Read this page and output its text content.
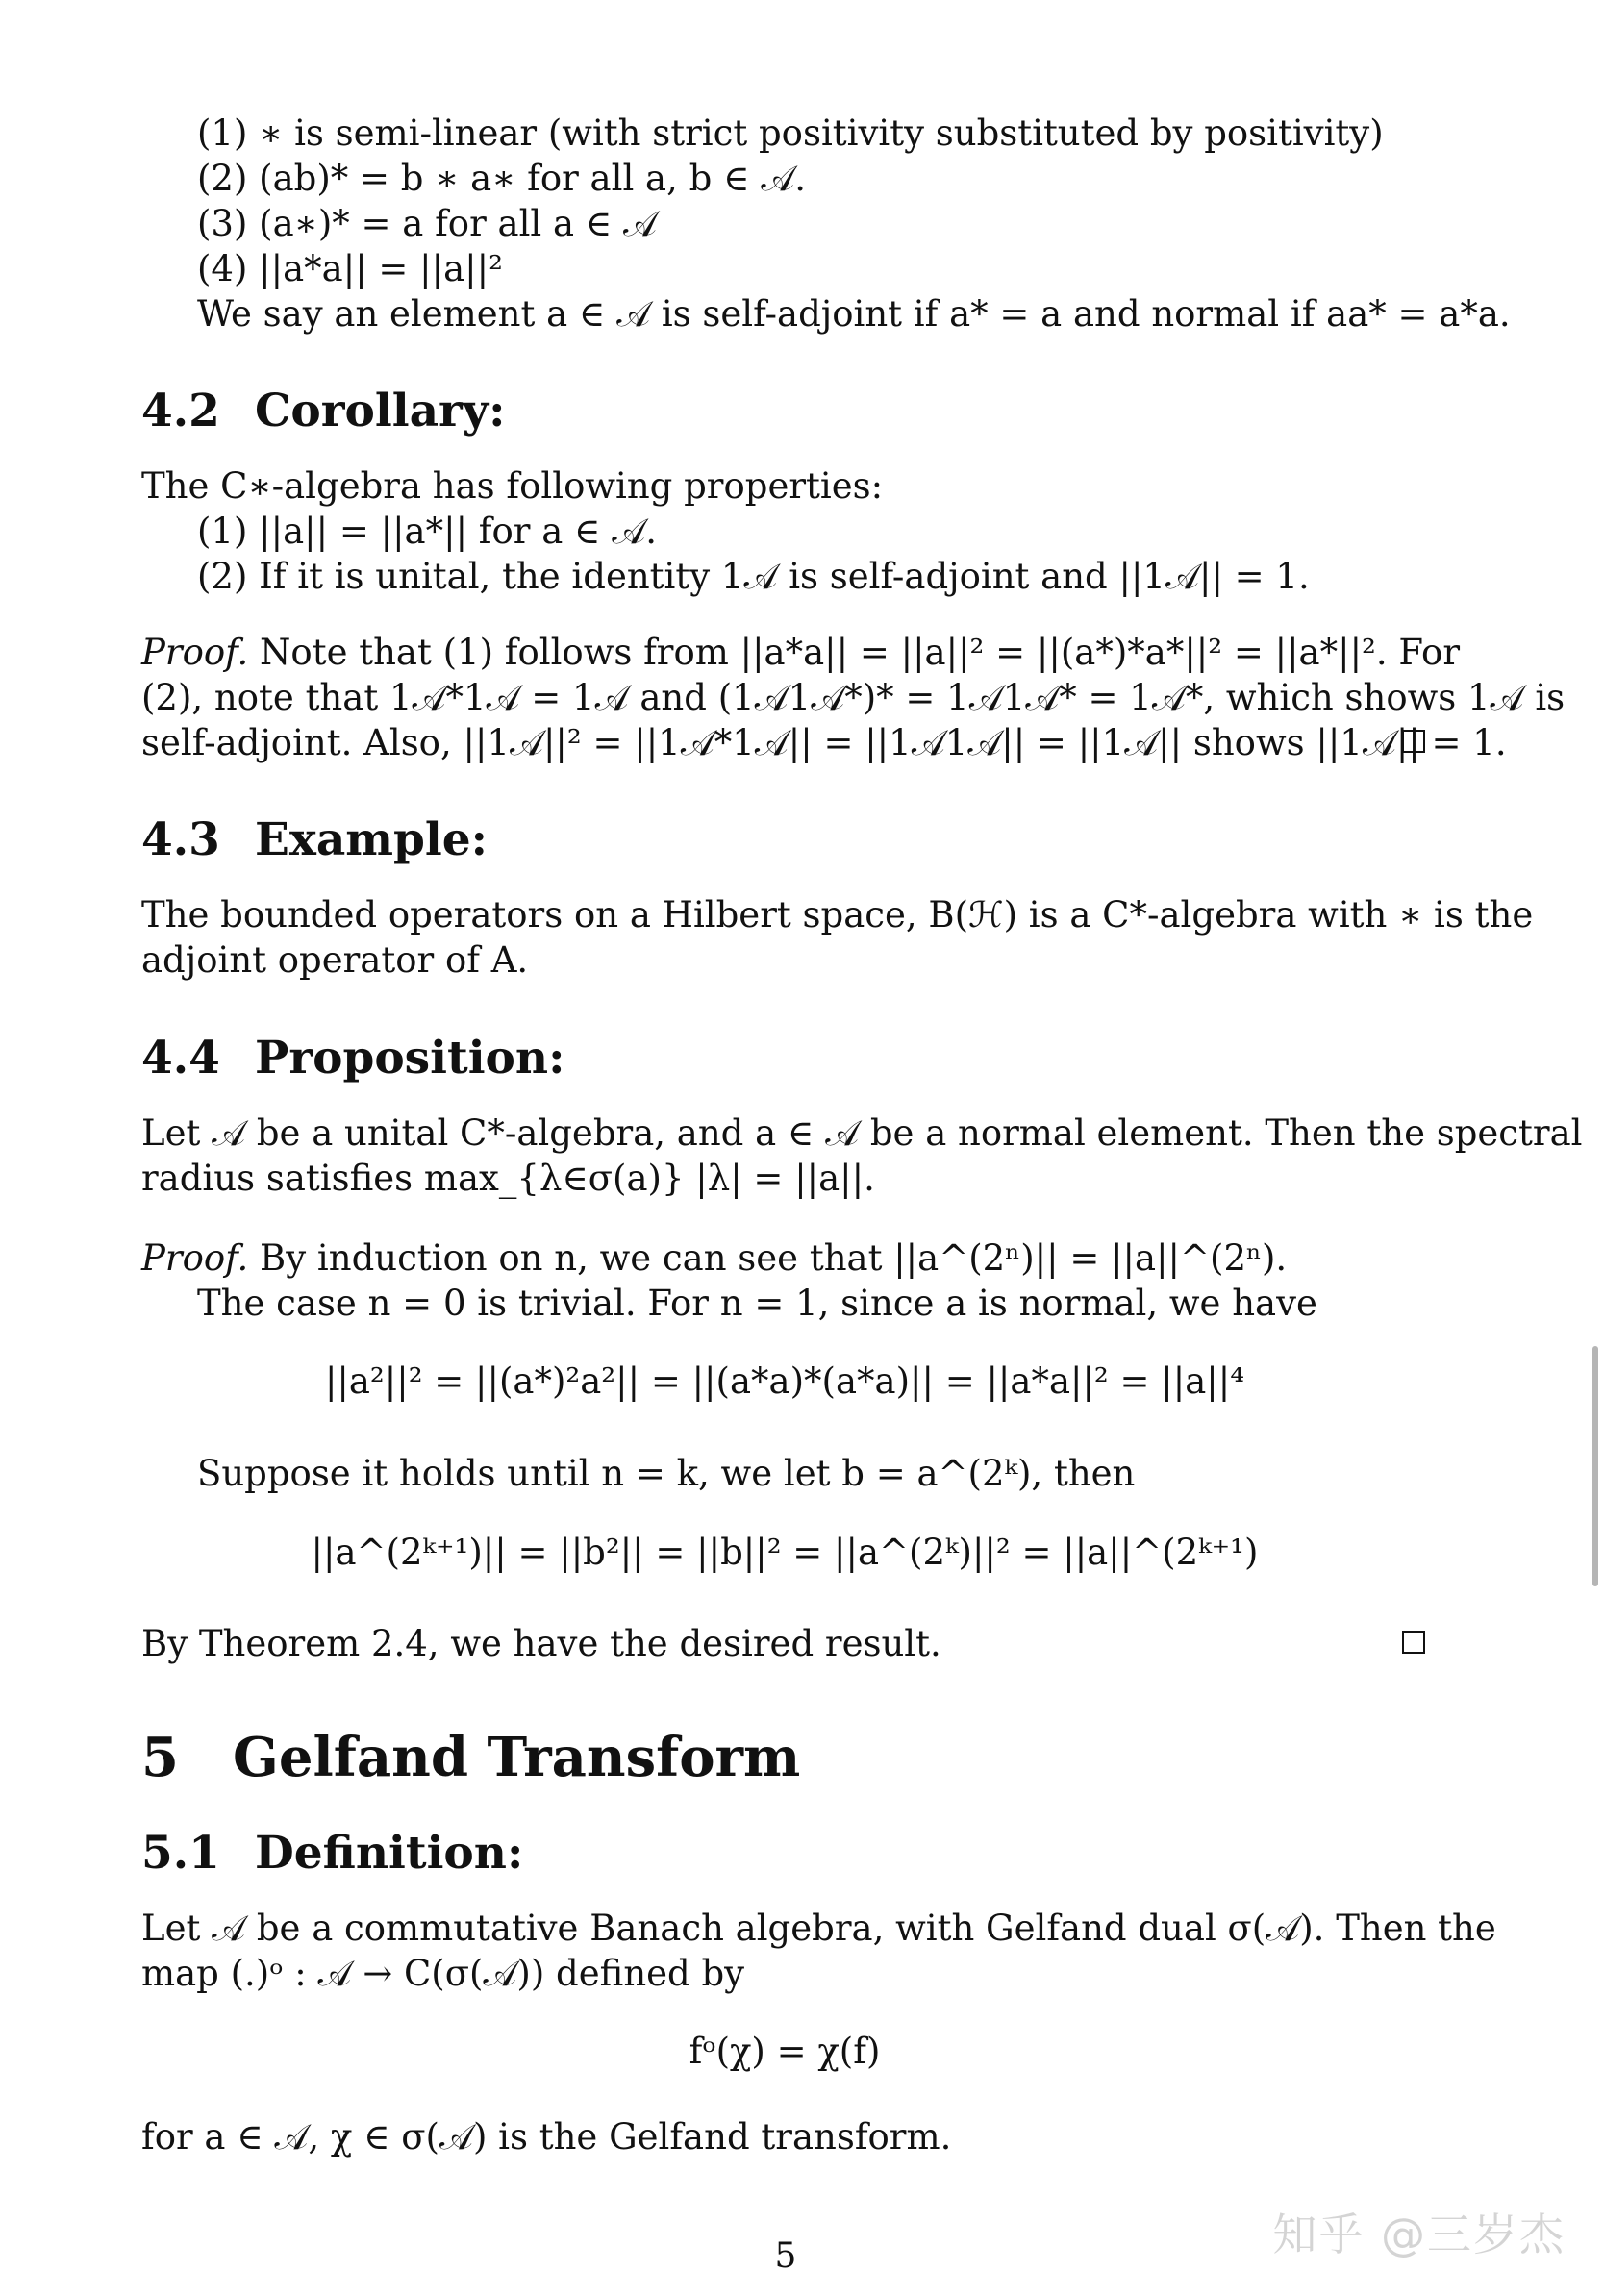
(1) ∗ is semi-linear (with strict positivity substituted by positivity)
(2) (ab)* = b ∗ a∗ for all a, b ∈ 𝒜.
(3) (a∗)* = a for all a ∈ 𝒜
(4) ||a*a|| = ||a||²
We say an element a ∈ 𝒜 is self-adjoint if a* = a and normal if aa* = a*a.
4.2 Corollary:
The C∗-algebra has following properties:
(1) ||a|| = ||a*|| for a ∈ 𝒜.
(2) If it is unital, the identity 1𝒜 is self-adjoint and ||1𝒜|| = 1.
Proof. Note that (1) follows from ||a*a|| = ||a||² = ||(a*)*a*||² = ||a*||². For
(2), note that 1𝒜*1𝒜 = 1𝒜 and (1𝒜1𝒜*)* = 1𝒜1𝒜* = 1𝒜*, which shows 1𝒜 is
self-adjoint. Also, ||1𝒜||² = ||1𝒜*1𝒜|| = ||1𝒜1𝒜|| = ||1𝒜|| shows ||1𝒜|| = 1.
4.3 Example:
The bounded operators on a Hilbert space, B(ℋ) is a C*-algebra with ∗ is the
adjoint operator of A.
4.4 Proposition:
Let 𝒜 be a unital C*-algebra, and a ∈ 𝒜 be a normal element. Then the spectral
radius satisfies max_{λ∈σ(a)} |λ| = ||a||.
Proof. By induction on n, we can see that ||a^(2ⁿ)|| = ||a||^(2ⁿ).
The case n = 0 is trivial. For n = 1, since a is normal, we have
||a²||² = ||(a*)²a²|| = ||(a*a)*(a*a)|| = ||a*a||² = ||a||⁴
Suppose it holds until n = k, we let b = a^(2ᵏ), then
||a^(2ᵏ⁺¹)|| = ||b²|| = ||b||² = ||a^(2ᵏ)||² = ||a||^(2ᵏ⁺¹)
By Theorem 2.4, we have the desired result.
5 Gelfand Transform
5.1 Definition:
Let 𝒜 be a commutative Banach algebra, with Gelfand dual σ(𝒜). Then the
map (.)ᵒ : 𝒜 → C(σ(𝒜)) defined by
fᵒ(χ) = χ(f)
for a ∈ 𝒜, χ ∈ σ(𝒜) is the Gelfand transform.
5	知乎 @三岁杰
